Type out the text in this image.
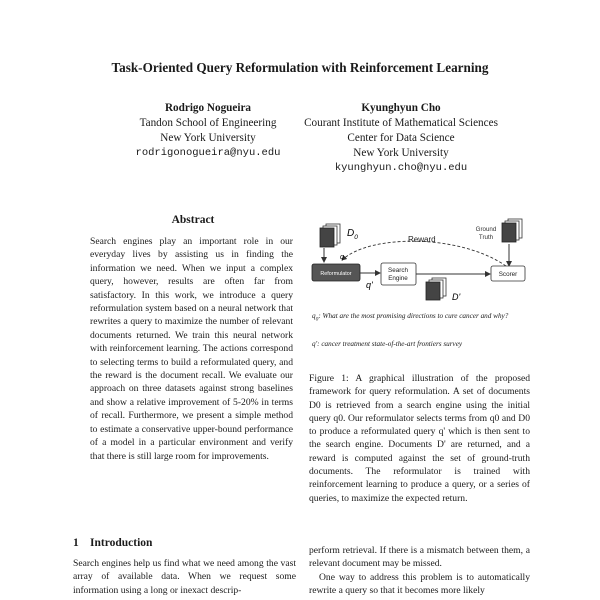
Task-Oriented Query Reformulation with Reinforcement Learning
Rodrigo Nogueira
Tandon School of Engineering
New York University
rodrigonogueira@nyu.edu
Kyunghyun Cho
Courant Institute of Mathematical Sciences
Center for Data Science
New York University
kyunghyun.cho@nyu.edu
Abstract
Search engines play an important role in our everyday lives by assisting us in finding the information we need. When we input a complex query, however, results are often far from satisfactory. In this work, we introduce a query reformulation system based on a neural network that rewrites a query to maximize the number of relevant documents returned. We train this neural network with reinforcement learning. The actions correspond to selecting terms to build a reformulated query, and the reward is the document recall. We evaluate our approach on three datasets against strong baselines and show a relative improvement of 5-20% in terms of recall. Furthermore, we present a simple method to estimate a conservative upper-bound performance of a model in a particular environment and verify that there is still large room for improvements.
$D_0$
Ground
Truth
Reward
q
Reformulator
q'
Search
Engine
D'
Scorer
$q_0$: What are the most promising directions to cure cancer and why?
q': cancer treatment state-of-the-art frontiers survey
Figure 1: A graphical illustration of the proposed framework for query reformulation. A set of documents D0 is retrieved from a search engine using the initial query q0. Our reformulator selects terms from q0 and D0 to produce a reformulated query q' which is then sent to the search engine. Documents D' are returned, and a reward is computed against the set of ground-truth documents. The reformulator is trained with reinforcement learning to produce a query, or a series of queries, to maximize the expected return.
1 Introduction
Search engines help us find what we need among the vast array of available data. When we request some information using a long or inexact descrip-
perform retrieval. If there is a mismatch between them, a relevant document may be missed.
One way to address this problem is to automatically rewrite a query so that it becomes more likely
